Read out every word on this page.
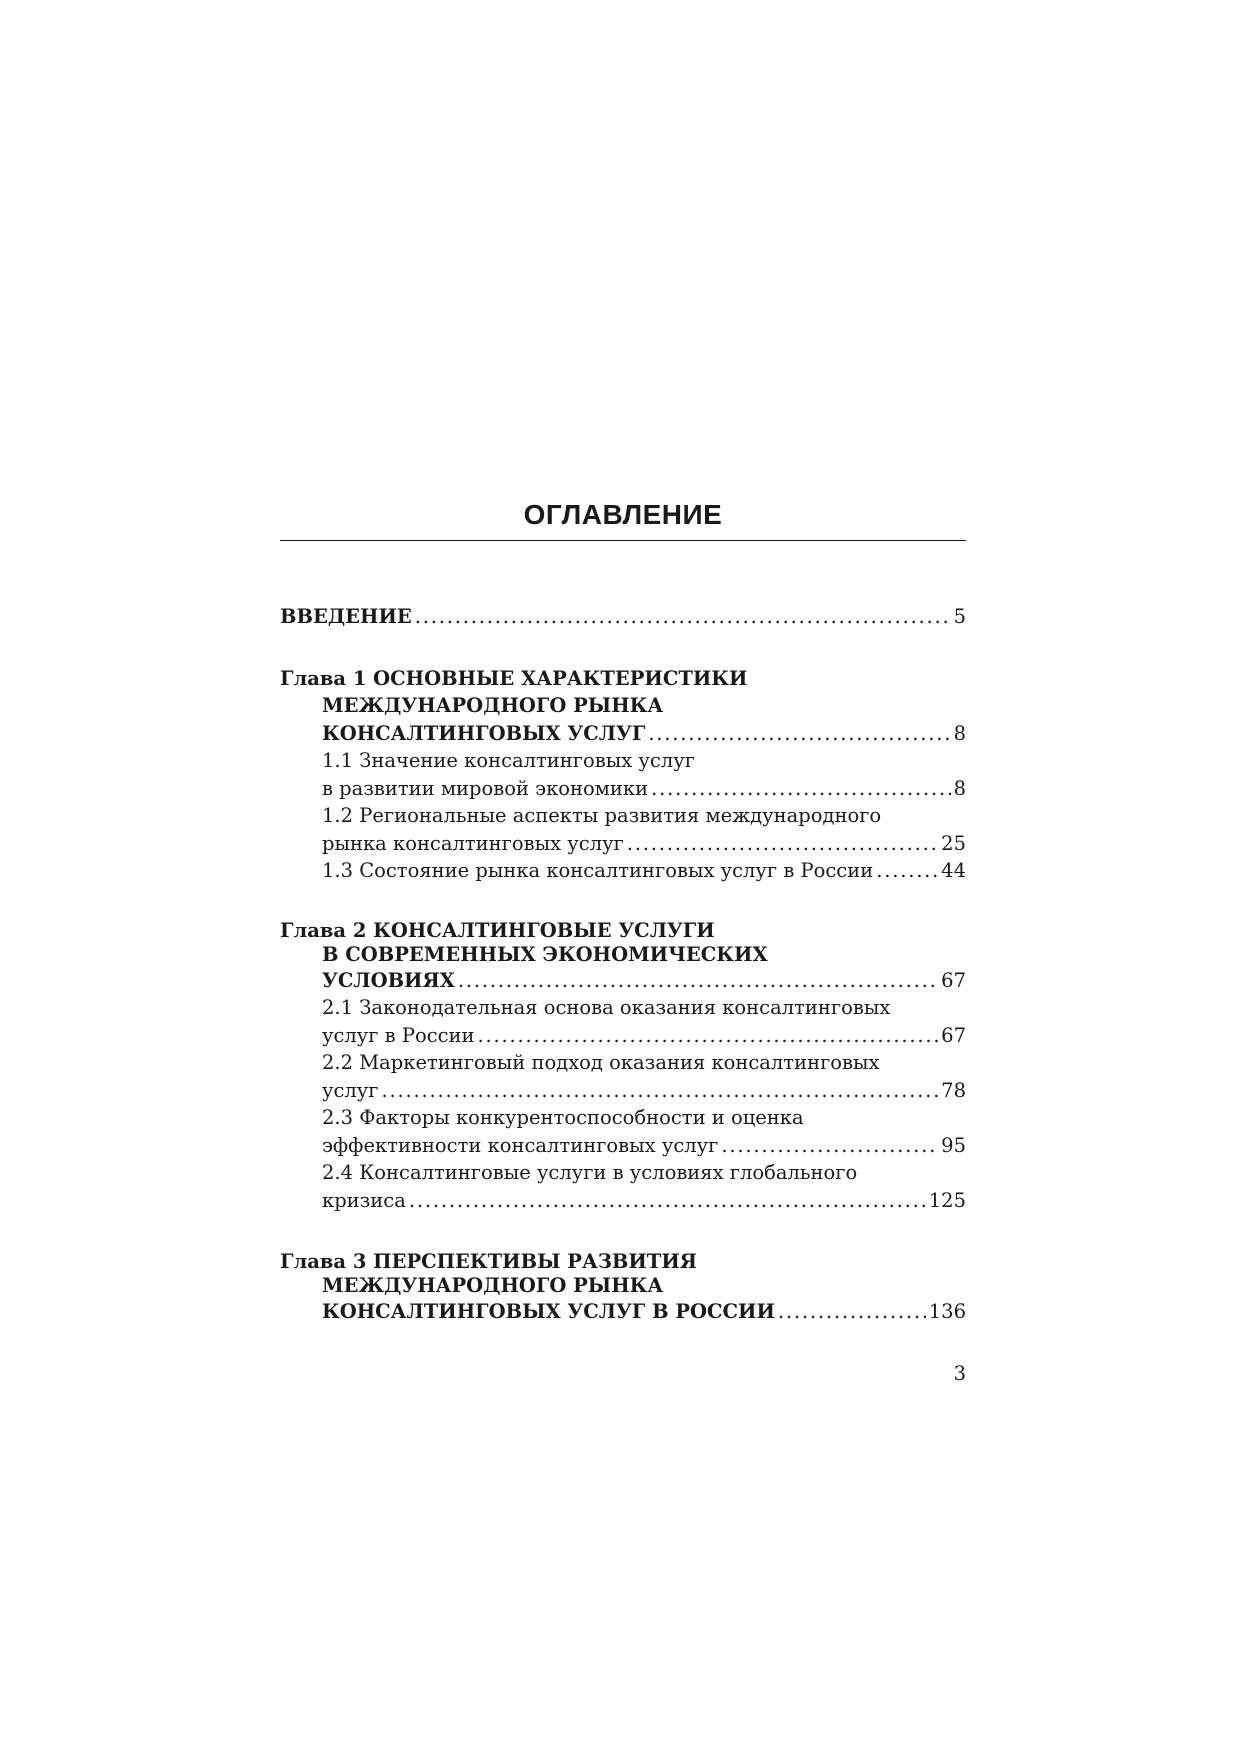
ОГЛАВЛЕНИЕ
ВВЕДЕНИЕ . . .	5
Глава 1 ОСНОВНЫЕ ХАРАКТЕРИСТИКИ
МЕЖДУНАРОДНОГО РЫНКА
КОНСАЛТИНГОВЫХ УСЛУГ . . .	8
1.1 Значение консалтинговых услуг
в развитии мировой экономики . . .	8
1.2 Региональные аспекты развития международного
рынка консалтинговых услуг . . .	25
1.3 Состояние рынка консалтинговых услуг в России . . .	44
Глава 2 КОНСАЛТИНГОВЫЕ УСЛУГИ
В СОВРЕМЕННЫХ ЭКОНОМИЧЕСКИХ
УСЛОВИЯХ . . .	67
2.1 Законодательная основа оказания консалтинговых
услуг в России . . .	67
2.2 Маркетинговый подход оказания консалтинговых
услуг . . .	78
2.3 Факторы конкурентоспособности и оценка
эффективности консалтинговых услуг . . .	95
2.4 Консалтинговые услуги в условиях глобального
кризиса . . .	125
Глава 3 ПЕРСПЕКТИВЫ РАЗВИТИЯ
МЕЖДУНАРОДНОГО РЫНКА
КОНСАЛТИНГОВЫХ УСЛУГ В РОССИИ . . .	136
3
